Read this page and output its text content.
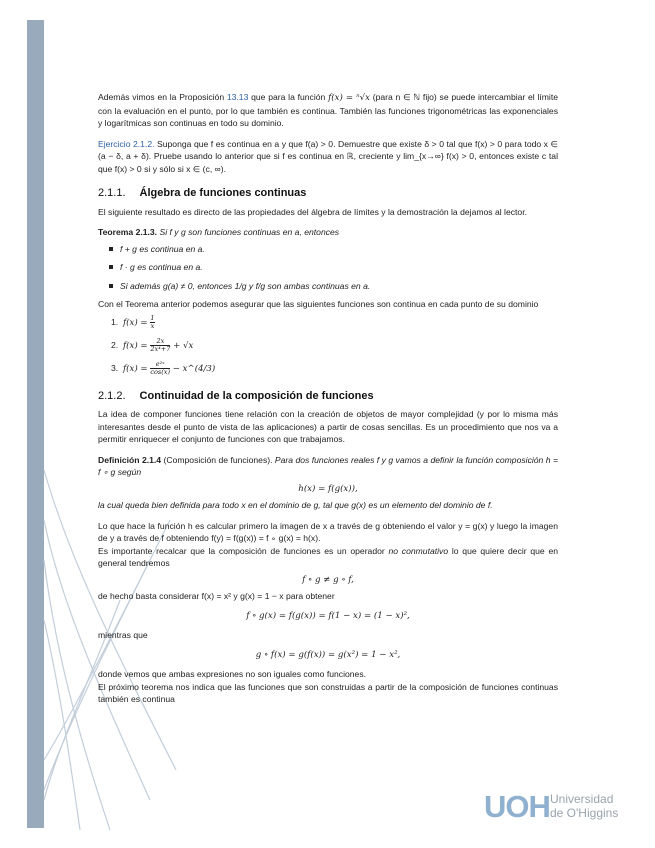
Además vimos en la Proposición 13.13 que para la función f(x) = ⁿ√x (para n ∈ ℕ fijo) se puede intercambiar el límite con la evaluación en el punto, por lo que también es continua. También las funciones trigonométricas las exponenciales y logarítmicas son continuas en todo su dominio.

Ejercicio 2.1.2. Suponga que f es continua en a y que f(a) > 0. Demuestre que existe δ > 0 tal que f(x) > 0 para todo x ∈ (a − δ, a + δ). Pruebe usando lo anterior que si f es continua en ℝ, creciente y lim_{x→∞} f(x) > 0, entonces existe c tal que f(x) > 0 si y sólo si x ∈ (c, ∞).

2.1.1. Álgebra de funciones continuas

El siguiente resultado es directo de las propiedades del álgebra de límites y la demostración la dejamos al lector.

Teorema 2.1.3. Si f y g son funciones continuas en a, entonces

f + g es continua en a.
f · g es continua en a.
Si además g(a) ≠ 0, entonces 1/g y f/g son ambas continuas en a.

Con el Teorema anterior podemos asegurar que las siguientes funciones son continua en cada punto de su dominio

1. $f(x) = \frac{1}{x}$
2. $f(x) = \frac{2x}{\text{2x⁴+7}} + √x$
3. $f(x) = \frac{\text{e²ˣ}}{\cos(x)}$ − x^(4/3)
2.1.2. Continuidad de la composición de funciones

La idea de componer funciones tiene relación con la creación de objetos de mayor complejidad (y por lo misma más interesantes desde el punto de vista de las aplicaciones) a partir de cosas sencillas. Es un procedimiento que nos va a permitir enriquecer el conjunto de funciones con que trabajamos.

Definición 2.1.4 (Composición de funciones). Para dos funciones reales f y g vamos a definir la función composición h = f ∘ g según

h(x) = f(g(x)),

la cual queda bien definida para todo x en el dominio de g, tal que g(x) es un elemento del dominio de f.

Lo que hace la función h es calcular primero la imagen de x a través de g obteniendo el valor y = g(x) y luego la imagen de y a través de f obteniendo f(y) = f(g(x)) = f ∘ g(x) = h(x).

Es importante recalcar que la composición de funciones es un operador no conmutativo lo que quiere decir que en general tendremos

f ∘ g ≠ g ∘ f,

de hecho basta considerar f(x) = x² y g(x) = 1 − x para obtener

f ∘ g(x) = f(g(x)) = f(1 − x) = (1 − x)²,

mientras que

g ∘ f(x) = g(f(x)) = g(x²) = 1 − x²,

donde vemos que ambas expresiones no son iguales como funciones.

El próximo teorema nos indica que las funciones que son construidas a partir de la composición de funciones continuas también es continua

UOH Universidad
de O'Higgins
